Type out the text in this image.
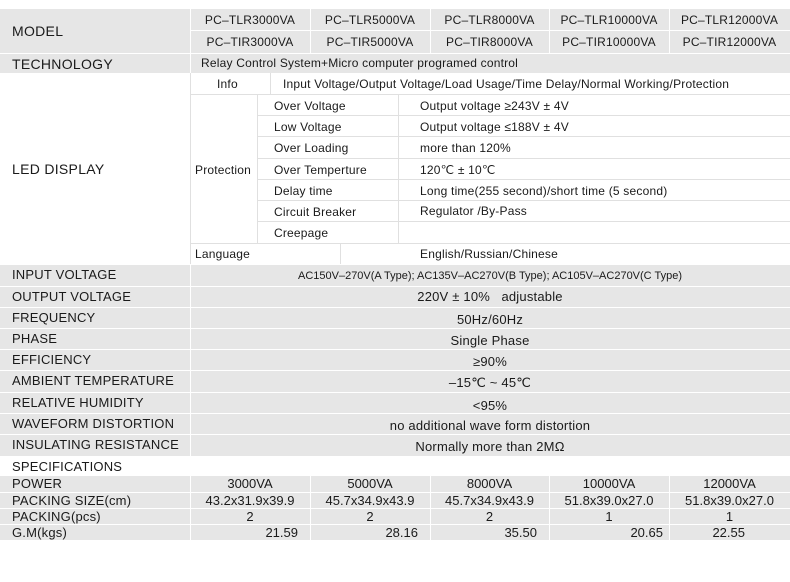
MODEL
PC–TLR3000VA	PC–TLR5000VA	PC–TLR8000VA	PC–TLR10000VA	PC–TLR12000VA
PC–TIR3000VA	PC–TIR5000VA	PC–TIR8000VA	PC–TIR10000VA	PC–TIR12000VA
TECHNOLOGY	Relay Control System+Micro computer programed control
LED DISPLAY
Info	Input Voltage/Output Voltage/Load Usage/Time Delay/Normal Working/Protection
Protection
Over Voltage	Output voltage ≥243V ± 4V
Low Voltage	Output voltage ≤188V ± 4V
Over Loading	more than 120%
Over Temperture	120℃ ± 10℃
Delay time	Long time(255 second)/short time (5 second)
Circuit Breaker	Regulator /By-Pass
Creepage
Language	English/Russian/Chinese
INPUT VOLTAGE	AC150V–270V(A Type); AC135V–AC270V(B Type); AC105V–AC270V(C Type)
OUTPUT VOLTAGE	220V ± 10%   adjustable
FREQUENCY	50Hz/60Hz
PHASE	Single Phase
EFFICIENCY	≥90%
AMBIENT TEMPERATURE	–15℃ ~ 45℃
RELATIVE HUMIDITY	<95%
WAVEFORM DISTORTION	no additional wave form distortion
INSULATING RESISTANCE	Normally more than 2MΩ
SPECIFICATIONS
POWER	3000VA	5000VA	8000VA	10000VA	12000VA
PACKING SIZE(cm)	43.2x31.9x39.9	45.7x34.9x43.9	45.7x34.9x43.9	51.8x39.0x27.0	51.8x39.0x27.0
PACKING(pcs)	2	2	2	1	1
G.M(kgs)	21.59	28.16	35.50	20.65	22.55
